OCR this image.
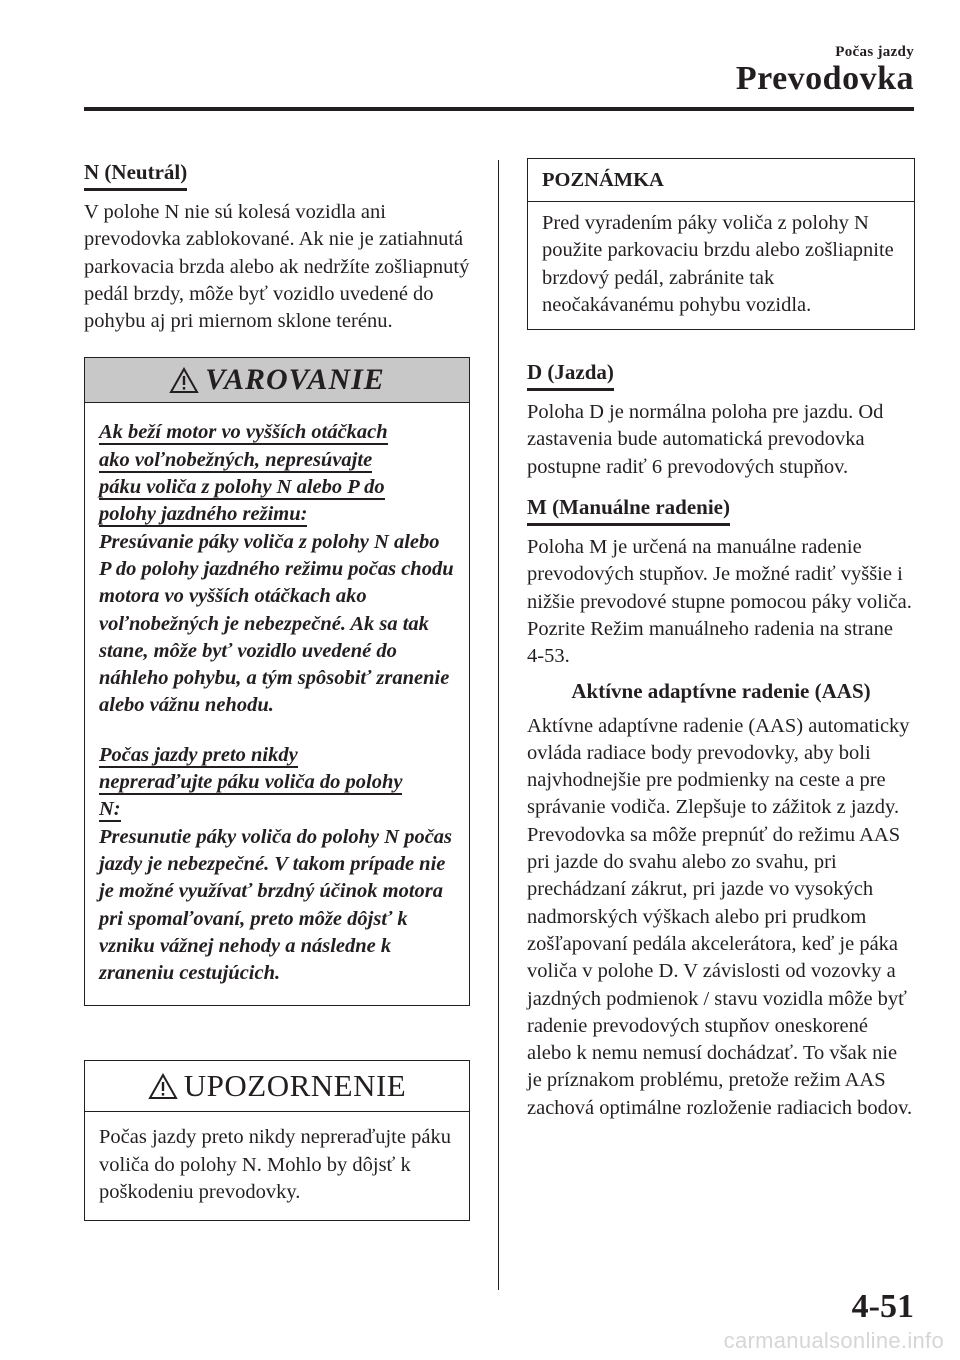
Počas jazdy
Prevodovka
N (Neutrál)

V polohe N nie sú kolesá vozidla ani prevodovka zablokované. Ak nie je zatiahnutá parkovacia brzda alebo ak nedržíte zošliapnutý pedál brzdy, môže byť vozidlo uvedené do pohybu aj pri miernom sklone terénu.

VAROVANIE

Ak beží motor vo vyšších otáčkach
ako voľnobežných, nepresúvajte
páku voliča z polohy N alebo P do
polohy jazdného režimu:

Presúvanie páky voliča z polohy N alebo P do polohy jazdného režimu počas chodu motora vo vyšších otáčkach ako voľnobežných je nebezpečné. Ak sa tak stane, môže byť vozidlo uvedené do náhleho pohybu, a tým spôsobiť zranenie alebo vážnu nehodu.

Počas jazdy preto nikdy
nepreraďujte páku voliča do polohy
N:

Presunutie páky voliča do polohy N počas jazdy je nebezpečné. V takom prípade nie je možné využívať brzdný účinok motora pri spomaľovaní, preto môže dôjsť k vzniku vážnej nehody a následne k zraneniu cestujúcich.

UPOZORNENIE

Počas jazdy preto nikdy nepreraďujte páku voliča do polohy N. Mohlo by dôjsť k poškodeniu prevodovky.

POZNÁMKA

Pred vyradením páky voliča z polohy N použite parkovaciu brzdu alebo zošliapnite brzdový pedál, zabránite tak neočakávanému pohybu vozidla.

D (Jazda)

Poloha D je normálna poloha pre jazdu. Od zastavenia bude automatická prevodovka postupne radiť 6 prevodových stupňov.

M (Manuálne radenie)

Poloha M je určená na manuálne radenie prevodových stupňov. Je možné radiť vyššie i nižšie prevodové stupne pomocou páky voliča. Pozrite Režim manuálneho radenia na strane 4-53.

Aktívne adaptívne radenie (AAS)

Aktívne adaptívne radenie (AAS) automaticky ovláda radiace body prevodovky, aby boli najvhodnejšie pre podmienky na ceste a pre správanie vodiča. Zlepšuje to zážitok z jazdy. Prevodovka sa môže prepnúť do režimu AAS pri jazde do svahu alebo zo svahu, pri prechádzaní zákrut, pri jazde vo vysokých nadmorských výškach alebo pri prudkom zošľapovaní pedála akcelerátora, keď je páka voliča v polohe D. V závislosti od vozovky a jazdných podmienok / stavu vozidla môže byť radenie prevodových stupňov oneskorené alebo k nemu nemusí dochádzať. To však nie je príznakom problému, pretože režim AAS zachová optimálne rozloženie radiacich bodov.

4-51
carmanualsonline.info
